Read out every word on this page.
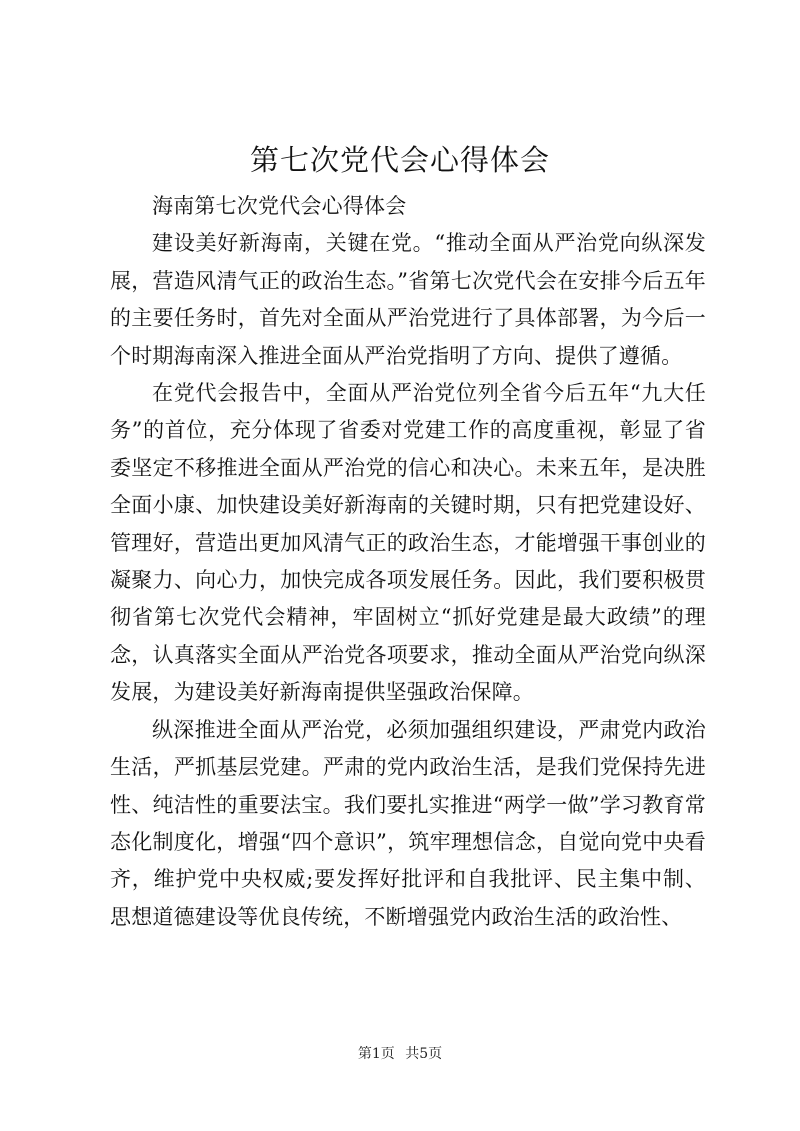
第七次党代会心得体会

海南第七次党代会心得体会

建设美好新海南，关键在党。“推动全面从严治党向纵深发展，营造风清气正的政治生态。”省第七次党代会在安排今后五年的主要任务时，首先对全面从严治党进行了具体部署，为今后一个时期海南深入推进全面从严治党指明了方向、提供了遵循。

在党代会报告中，全面从严治党位列全省今后五年“九大任务”的首位，充分体现了省委对党建工作的高度重视，彰显了省委坚定不移推进全面从严治党的信心和决心。未来五年，是决胜全面小康、加快建设美好新海南的关键时期，只有把党建设好、管理好，营造出更加风清气正的政治生态，才能增强干事创业的凝聚力、向心力，加快完成各项发展任务。因此，我们要积极贯彻省第七次党代会精神，牢固树立“抓好党建是最大政绩”的理念，认真落实全面从严治党各项要求，推动全面从严治党向纵深发展，为建设美好新海南提供坚强政治保障。

纵深推进全面从严治党，必须加强组织建设，严肃党内政治生活，严抓基层党建。严肃的党内政治生活，是我们党保持先进性、纯洁性的重要法宝。我们要扎实推进“两学一做”学习教育常态化制度化，增强“四个意识”，筑牢理想信念，自觉向党中央看齐，维护党中央权威;要发挥好批评和自我批评、民主集中制、思想道德建设等优良传统，不断增强党内政治生活的政治性、

第1页 共5页
